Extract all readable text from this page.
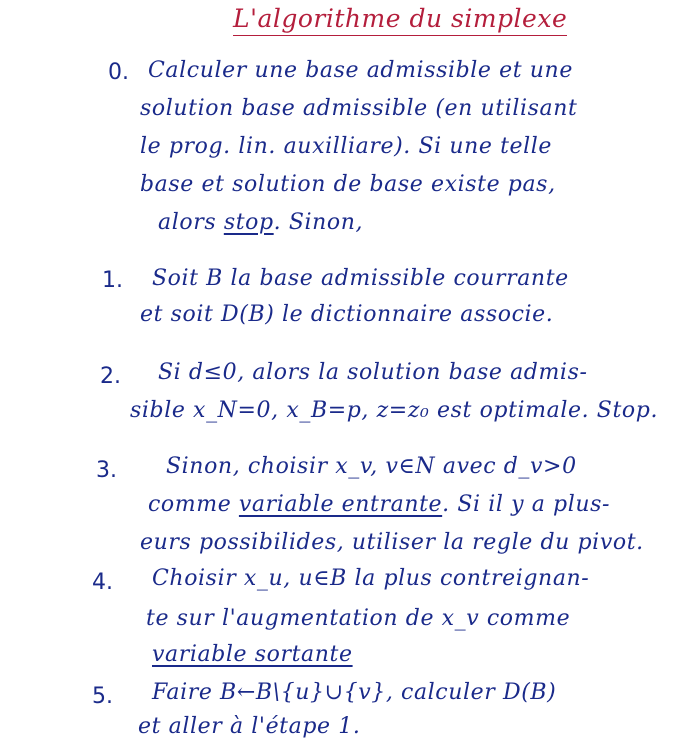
L'algorithme du simplexe
0. Calculer une base admissible et une
solution base admissible (en utilisant
le prog. lin. auxilliare). Si une telle
base et solution de base existe pas,
alors stop. Sinon,
1. Soit B la base admissible courrante
et soit D(B) le dictionnaire associe.
2. Si d≤0, alors la solution base admis-
sible x_N=0, x_B=p, z=z₀ est optimale. Stop.
3. Sinon, choisir x_v, v∈N avec d_v>0
comme variable entrante. Si il y a plus-
eurs possibilides, utiliser la regle du pivot.
4. Choisir x_u, u∈B la plus contreignan-
te sur l'augmentation de x_v comme
variable sortante
5. Faire B←B\{u}∪{v}, calculer D(B)
et aller à l'étape 1.
